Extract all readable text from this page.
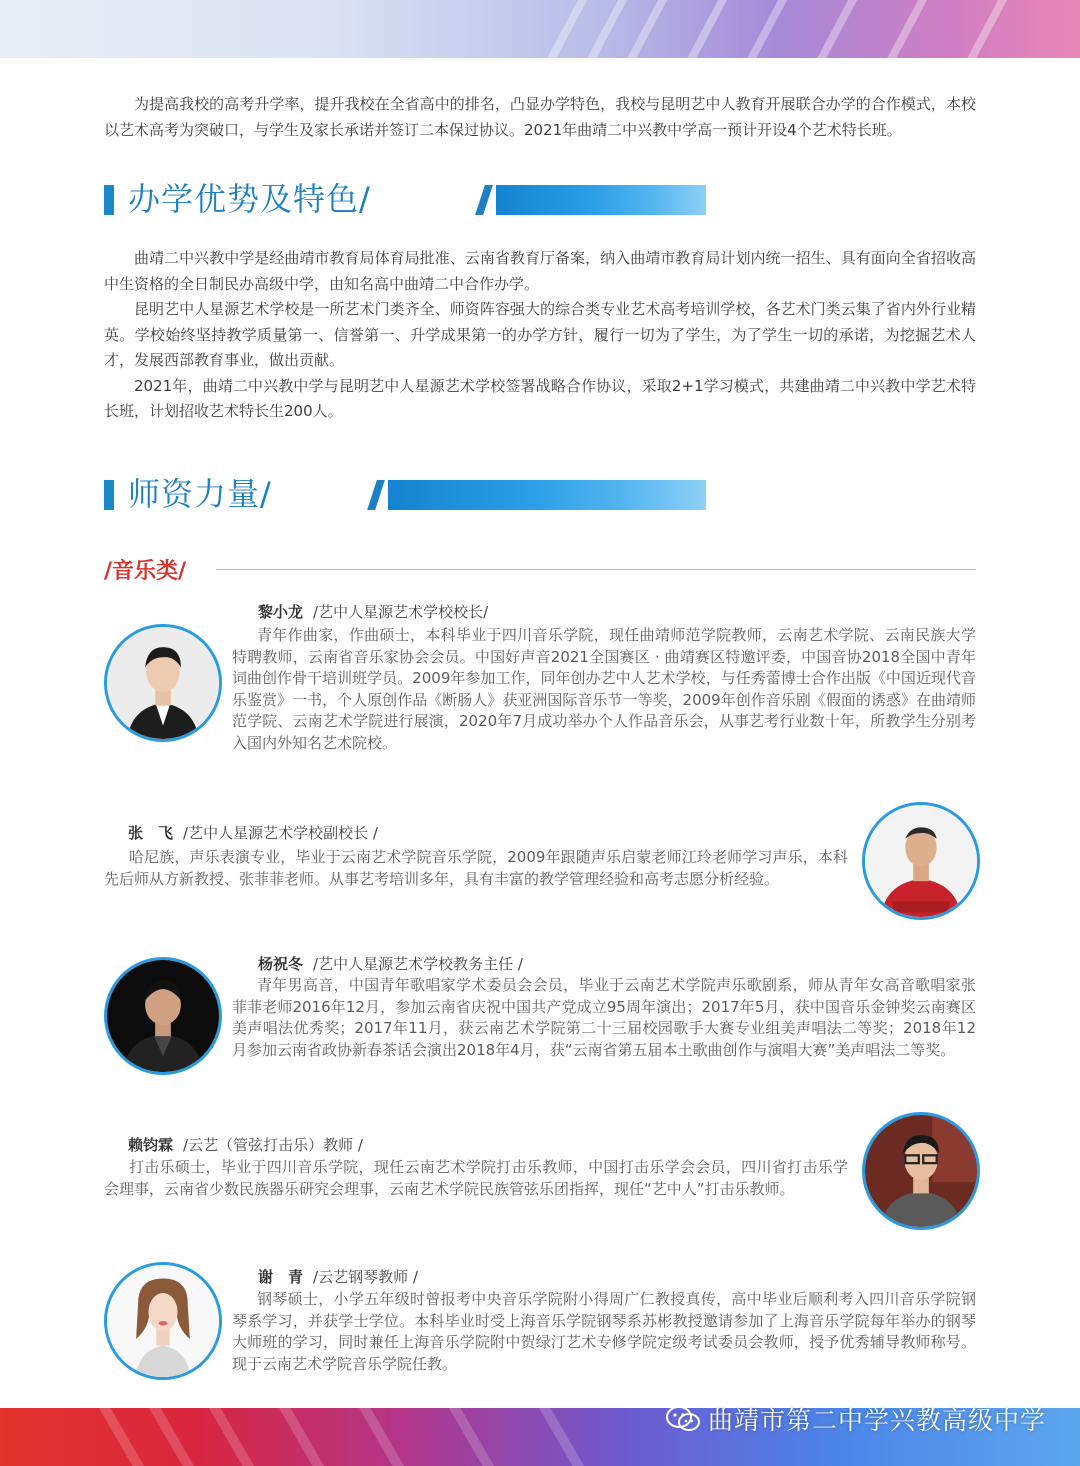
为提高我校的高考升学率，提升我校在全省高中的排名，凸显办学特色，我校与昆明艺中人教育开展联合办学的合作模式，本校以艺术高考为突破口，与学生及家长承诺并签订二本保过协议。2021年曲靖二中兴教中学高一预计开设4个艺术特长班。

办学优势及特色/

曲靖二中兴教中学是经曲靖市教育局体育局批准、云南省教育厅备案，纳入曲靖市教育局计划内统一招生、具有面向全省招收高中生资格的全日制民办高级中学，由知名高中曲靖二中合作办学。

昆明艺中人星源艺术学校是一所艺术门类齐全、师资阵容强大的综合类专业艺术高考培训学校，各艺术门类云集了省内外行业精英。学校始终坚持教学质量第一、信誉第一、升学成果第一的办学方针，履行一切为了学生，为了学生一切的承诺，为挖掘艺术人才，发展西部教育事业，做出贡献。

2021年，曲靖二中兴教中学与昆明艺中人星源艺术学校签署战略合作协议，采取2+1学习模式，共建曲靖二中兴教中学艺术特长班，计划招收艺术特长生200人。

师资力量/
/音乐类/
黎小龙 /艺中人星源艺术学校校长/

青年作曲家，作曲硕士，本科毕业于四川音乐学院，现任曲靖师范学院教师，云南艺术学院、云南民族大学特聘教师，云南省音乐家协会会员。中国好声音2021全国赛区 · 曲靖赛区特邀评委，中国音协2018全国中青年词曲创作骨干培训班学员。2009年参加工作，同年创办艺中人艺术学校，与任秀蕾博士合作出版《中国近现代音乐鉴赏》一书，个人原创作品《断肠人》获亚洲国际音乐节一等奖，2009年创作音乐剧《假面的诱惑》在曲靖师范学院、云南艺术学院进行展演，2020年7月成功举办个人作品音乐会，从事艺考行业数十年，所教学生分别考入国内外知名艺术院校。

张　飞 /艺中人星源艺术学校副校长 /

哈尼族，声乐表演专业，毕业于云南艺术学院音乐学院，2009年跟随声乐启蒙老师江玲老师学习声乐，本科先后师从方新教授、张菲菲老师。从事艺考培训多年，具有丰富的教学管理经验和高考志愿分析经验。

杨祝冬 /艺中人星源艺术学校教务主任 /

青年男高音，中国青年歌唱家学术委员会会员，毕业于云南艺术学院声乐歌剧系，师从青年女高音歌唱家张菲菲老师2016年12月，参加云南省庆祝中国共产党成立95周年演出；2017年5月，获中国音乐金钟奖云南赛区美声唱法优秀奖；2017年11月，获云南艺术学院第二十三届校园歌手大赛专业组美声唱法二等奖；2018年12月参加云南省政协新春茶话会演出2018年4月，获“云南省第五届本土歌曲创作与演唱大赛”美声唱法二等奖。

赖钧霖 /云艺（管弦打击乐）教师 /

打击乐硕士，毕业于四川音乐学院，现任云南艺术学院打击乐教师，中国打击乐学会会员，四川省打击乐学会理事，云南省少数民族器乐研究会理事，云南艺术学院民族管弦乐团指挥，现任“艺中人”打击乐教师。

谢　青 /云艺钢琴教师 /

钢琴硕士，小学五年级时曾报考中央音乐学院附小得周广仁教授真传，高中毕业后顺利考入四川音乐学院钢琴系学习，并获学士学位。本科毕业时受上海音乐学院钢琴系苏彬教授邀请参加了上海音乐学院每年举办的钢琴大师班的学习，同时兼任上海音乐学院附中贺绿汀艺术专修学院定级考试委员会教师，授予优秀辅导教师称号。现于云南艺术学院音乐学院任教。

曲靖市第二中学兴教高级中学
